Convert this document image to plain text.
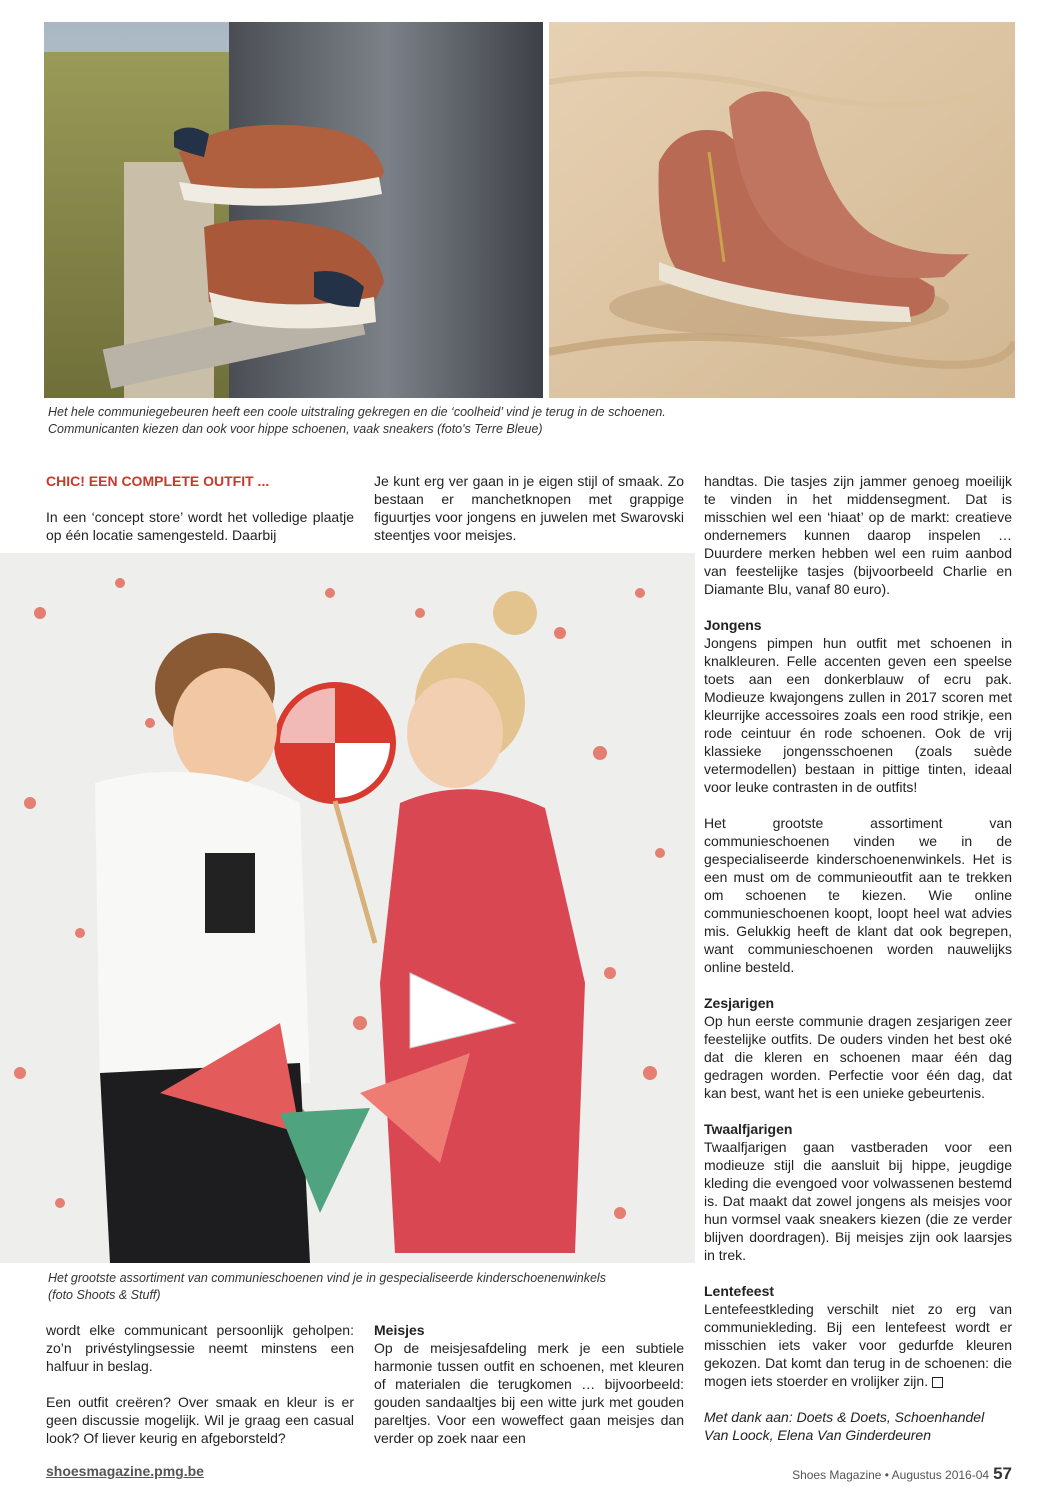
Het hele communiegebeuren heeft een coole uitstraling gekregen en die ‘coolheid’ vind je terug in de schoenen.
Communicanten kiezen dan ook voor hippe schoenen, vaak sneakers (foto's Terre Bleue)

CHIC! EEN COMPLETE OUTFIT ...

In een ‘concept store’ wordt het volledige plaatje op één locatie samengesteld. Daarbij

Je kunt erg ver gaan in je eigen stijl of smaak. Zo bestaan er manchetknopen met grappige figuurtjes voor jongens en juwelen met Swarovski steentjes voor meisjes.

Het grootste assortiment van communieschoenen vind je in gespecialiseerde kinderschoenenwinkels
(foto Shoots & Stuff)

wordt elke communicant persoonlijk geholpen: zo’n privéstylingsessie neemt minstens een halfuur in beslag.

Een outfit creëren? Over smaak en kleur is er geen discussie mogelijk. Wil je graag een casual look? Of liever keurig en afgeborsteld?

Meisjes

Op de meisjesafdeling merk je een subtiele harmonie tussen outfit en schoenen, met kleuren of materialen die terugkomen … bijvoorbeeld: gouden sandaaltjes bij een witte jurk met gouden pareltjes. Voor een woweffect gaan meisjes dan verder op zoek naar een

handtas. Die tasjes zijn jammer genoeg moeilijk te vinden in het middensegment. Dat is misschien wel een ‘hiaat’ op de markt: creatieve ondernemers kunnen daarop inspelen … Duurdere merken hebben wel een ruim aanbod van feestelijke tasjes (bijvoorbeeld Charlie en Diamante Blu, vanaf 80 euro).

Jongens

Jongens pimpen hun outfit met schoenen in knalkleuren. Felle accenten geven een speelse toets aan een donkerblauw of ecru pak. Modieuze kwajongens zullen in 2017 scoren met kleurrijke accessoires zoals een rood strikje, een rode ceintuur én rode schoenen. Ook de vrij klassieke jongensschoenen (zoals suède vetermodellen) bestaan in pittige tinten, ideaal voor leuke contrasten in de outfits!

Het grootste assortiment van communieschoenen vinden we in de gespecialiseerde kinderschoenenwinkels. Het is een must om de communieoutfit aan te trekken om schoenen te kiezen. Wie online communieschoenen koopt, loopt heel wat advies mis. Gelukkig heeft de klant dat ook begrepen, want communieschoenen worden nauwelijks online besteld.

Zesjarigen

Op hun eerste communie dragen zesjarigen zeer feestelijke outfits. De ouders vinden het best oké dat die kleren en schoenen maar één dag gedragen worden. Perfectie voor één dag, dat kan best, want het is een unieke gebeurtenis.

Twaalfjarigen

Twaalfjarigen gaan vastberaden voor een modieuze stijl die aansluit bij hippe, jeugdige kleding die evengoed voor volwassenen bestemd is. Dat maakt dat zowel jongens als meisjes voor hun vormsel vaak sneakers kiezen (die ze verder blijven doordragen). Bij meisjes zijn ook laarsjes in trek.

Lentefeest

Lentefeestkleding verschilt niet zo erg van communiekleding. Bij een lentefeest wordt er misschien iets vaker voor gedurfde kleuren gekozen. Dat komt dan terug in de schoenen: die mogen iets stoerder en vrolijker zijn.

Met dank aan: Doets & Doets, Schoenhandel Van Loock, Elena Van Ginderdeuren

shoesmagazine.pmg.be	Shoes Magazine • Augustus 2016-04 57
